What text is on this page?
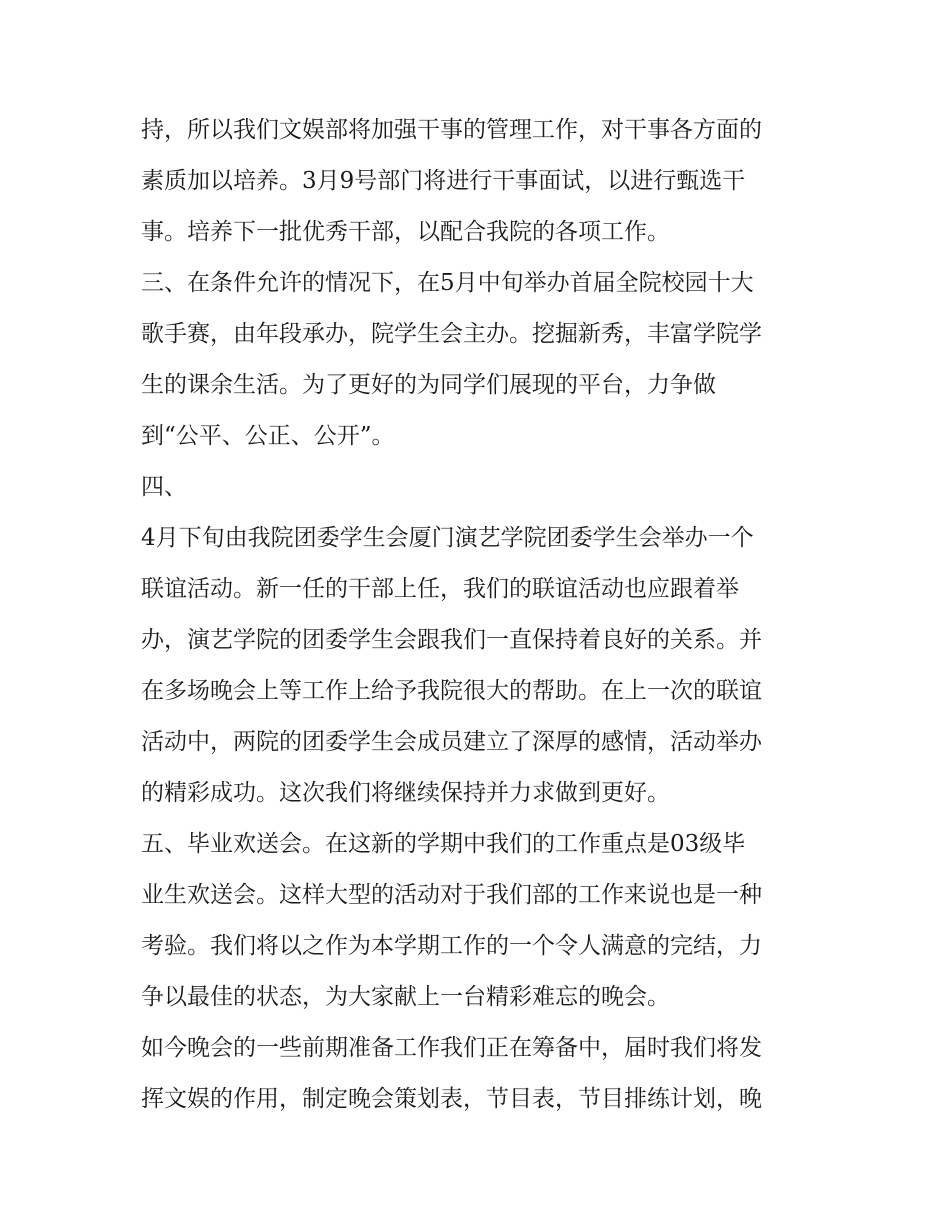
持，所以我们文娱部将加强干事的管理工作，对干事各方面的
素质加以培养。3月9号部门将进行干事面试，以进行甄选干
事。培养下一批优秀干部，以配合我院的各项工作。

三、在条件允许的情况下，在5月中旬举办首届全院校园十大
歌手赛，由年段承办，院学生会主办。挖掘新秀，丰富学院学
生的课余生活。为了更好的为同学们展现的平台，力争做
到“公平、公正、公开”。

四、

4月下旬由我院团委学生会厦门演艺学院团委学生会举办一个
联谊活动。新一任的干部上任，我们的联谊活动也应跟着举
办，演艺学院的团委学生会跟我们一直保持着良好的关系。并
在多场晚会上等工作上给予我院很大的帮助。在上一次的联谊
活动中，两院的团委学生会成员建立了深厚的感情，活动举办
的精彩成功。这次我们将继续保持并力求做到更好。

五、毕业欢送会。在这新的学期中我们的工作重点是03级毕
业生欢送会。这样大型的活动对于我们部的工作来说也是一种
考验。我们将以之作为本学期工作的一个令人满意的完结，力
争以最佳的状态，为大家献上一台精彩难忘的晚会。

如今晚会的一些前期准备工作我们正在筹备中，届时我们将发
挥文娱的作用，制定晚会策划表，节目表，节目排练计划，晚
